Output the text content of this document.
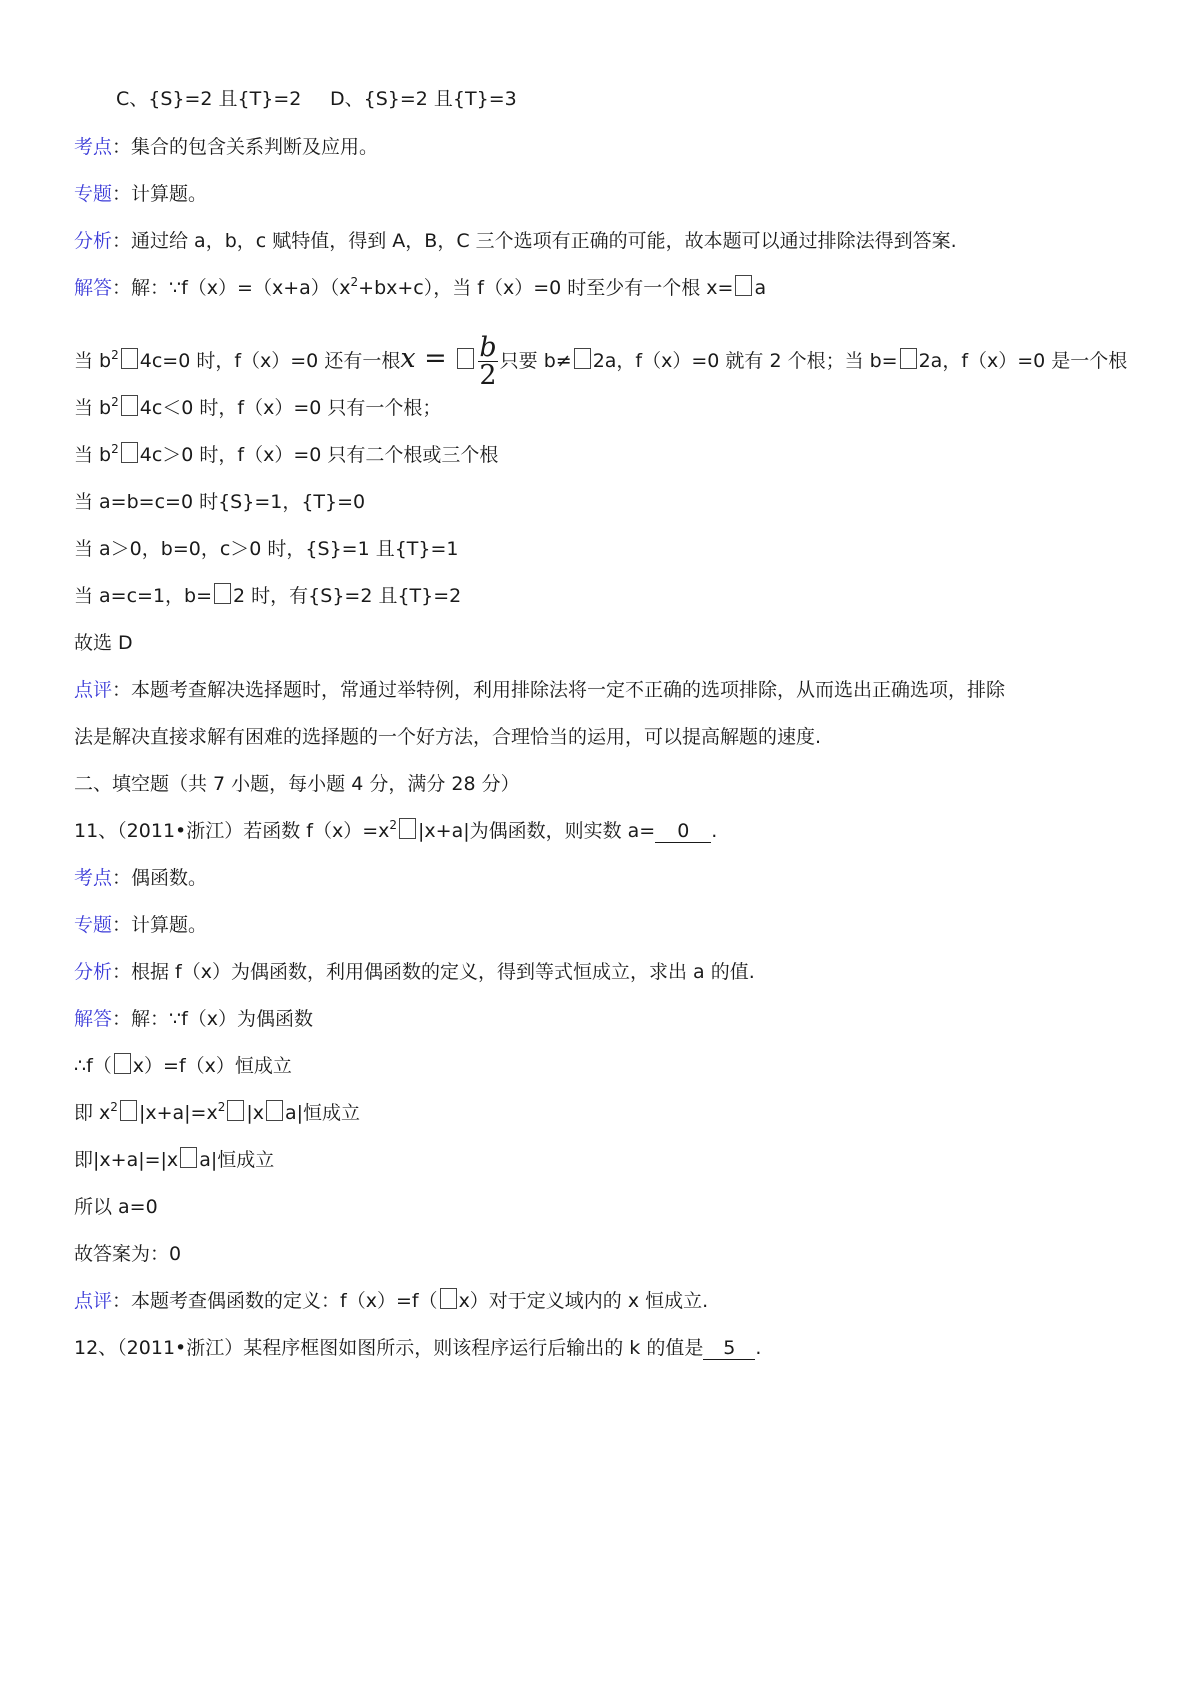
C、{S}=2 且{T}=2 D、{S}=2 且{T}=3
考点：集合的包含关系判断及应用。
专题：计算题。
分析：通过给 a，b，c 赋特值，得到 A，B，C 三个选项有正确的可能，故本题可以通过排除法得到答案.
解答：解：$\because f(x)=(x+a)(x^2+bx+c)$，当 f（x）=0 时至少有一个根 x= a
当 $b^2$ 4c=0 时，f（x）=0 还有一根$x = \frac{b}{2}$ 只要 b≠ 2a，f（x）=0 就有 2 个根；当 b= 2a，f（x）=0 是一个根
当 $b^2$ 4c＜0 时，f（x）=0 只有一个根；
当 $b^2$ 4c＞0 时，f（x）=0 只有二个根或三个根
当 a=b=c=0 时{S}=1，{T}=0
当 a＞0，b=0，c＞0 时，{S}=1 且{T}=1
当 a=c=1，b= 2 时，有{S}=2 且{T}=2
故选 D
点评：本题考查解决选择题时，常通过举特例，利用排除法将一定不正确的选项排除，从而选出正确选项，排除
法是解决直接求解有困难的选择题的一个好方法，合理恰当的运用，可以提高解题的速度.
二、填空题（共 7 小题，每小题 4 分，满分 28 分）
11、（2011•浙江）若函数 $f(x)=x^2$ |x+a|为偶函数，则实数 a= 0 .
考点：偶函数。
专题：计算题。
分析：根据 f（x）为偶函数，利用偶函数的定义，得到等式恒成立，求出 a 的值.
解答：解：∵f（x）为偶函数
∴f（ x）=f（x）恒成立
即 $x^2$ $|x+a|=x^2$ |x a|恒成立
即|x+a|=|x a|恒成立
所以 a=0
故答案为：0
点评：本题考查偶函数的定义：f（x）=f（ x）对于定义域内的 x 恒成立.
12、（2011•浙江）某程序框图如图所示，则该程序运行后输出的 k 的值是 5 .
